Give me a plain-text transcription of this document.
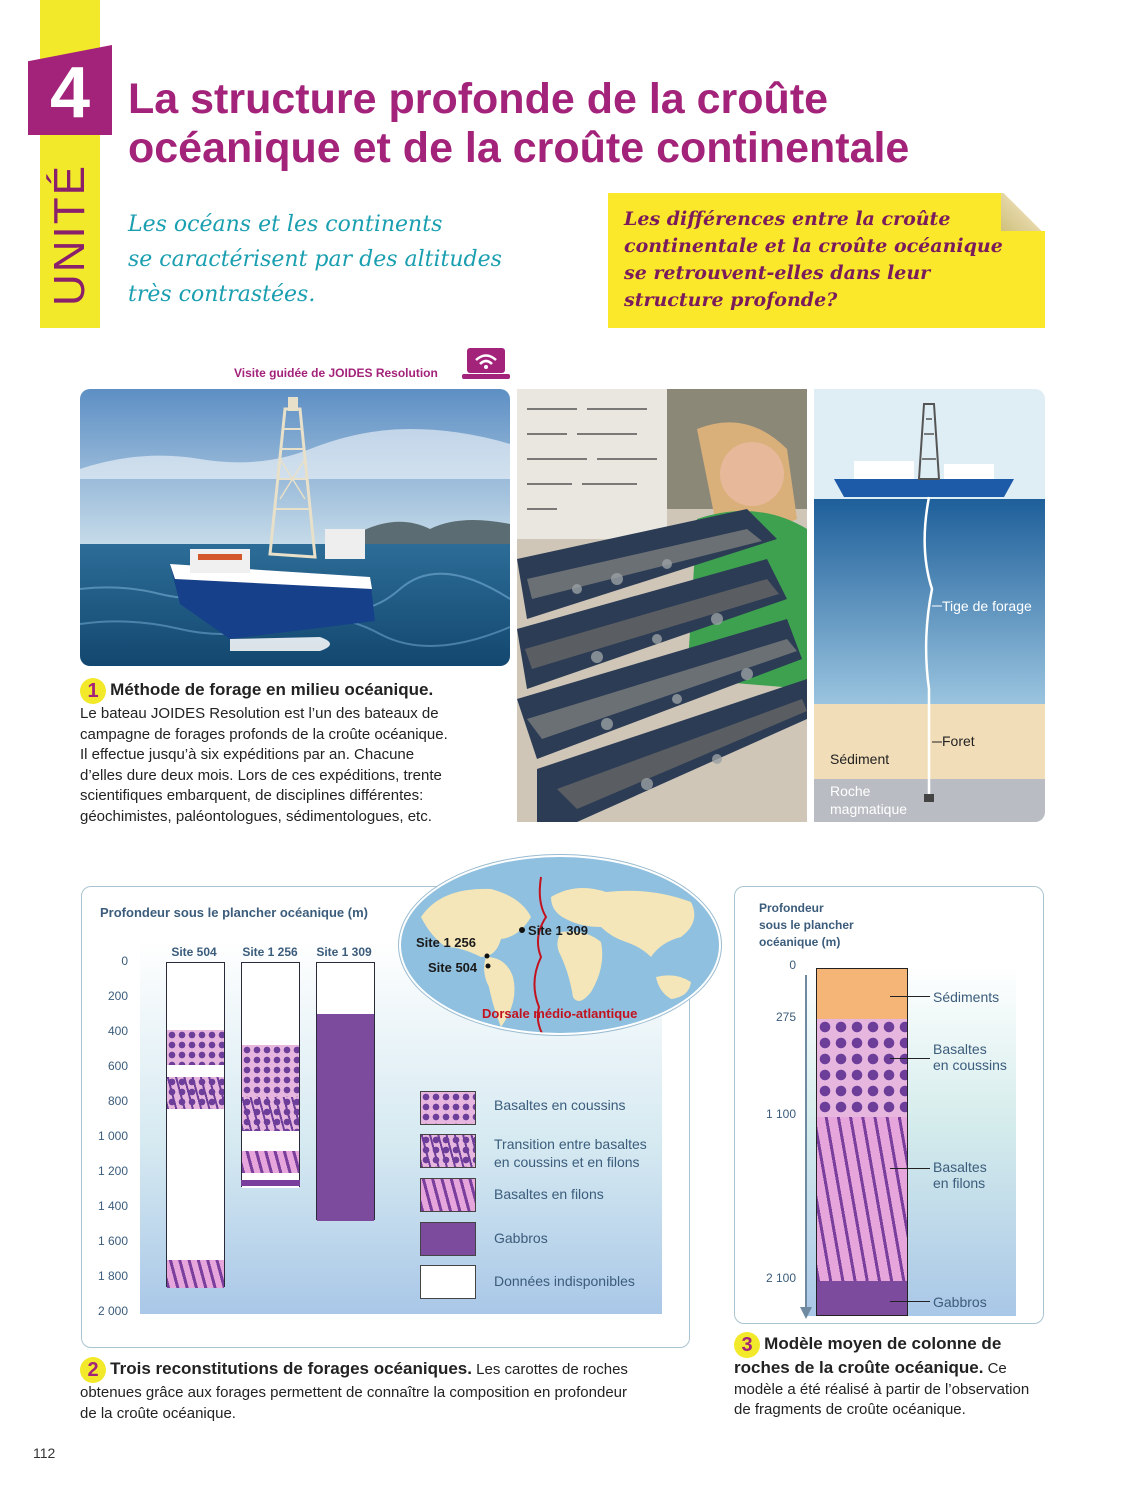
UNITÉ
4 La structure profonde de la croûte
océanique et de la croûte continentale
Les océans et les continents
se caractérisent par des altitudes
très contrastées.
Les différences entre la croûte
continentale et la croûte océanique
se retrouvent-elles dans leur
structure profonde?
Visite guidée de JOIDES Resolution
Tige de forage
Foret
Sédiment
Roche
magmatique
1 Méthode de forage en milieu océanique.
Le bateau JOIDES Resolution est l’un des bateaux de
campagne de forages profonds de la croûte océanique.
Il effectue jusqu’à six expéditions par an. Chacune
d’elles dure deux mois. Lors de ces expéditions, trente
scientifiques embarquent, de disciplines différentes:
géochimistes, paléontologues, sédimentologues, etc.
Profondeur sous le plancher océanique (m)
0
200
400
600
800
1 000
1 200
1 400
1 600
1 800
2 000
Site 504	Site 1 256	Site 1 309
Basaltes en coussins
Transition entre basaltes
en coussins et en filons
Basaltes en filons
Gabbros
Données indisponibles
Site 1 256
Site 504
Site 1 309
Dorsale médio-atlantique
2 Trois reconstitutions de forages océaniques. Les carottes de roches
obtenues grâce aux forages permettent de connaître la composition en profondeur
de la croûte océanique.
Profondeur
sous le plancher
océanique (m)
0
275
1 100
2 100
Sédiments
Basaltes
en coussins
Basaltes
en filons
Gabbros
3 Modèle moyen de colonne de
roches de la croûte océanique. Ce
modèle a été réalisé à partir de l’observation
de fragments de croûte océanique.
112
